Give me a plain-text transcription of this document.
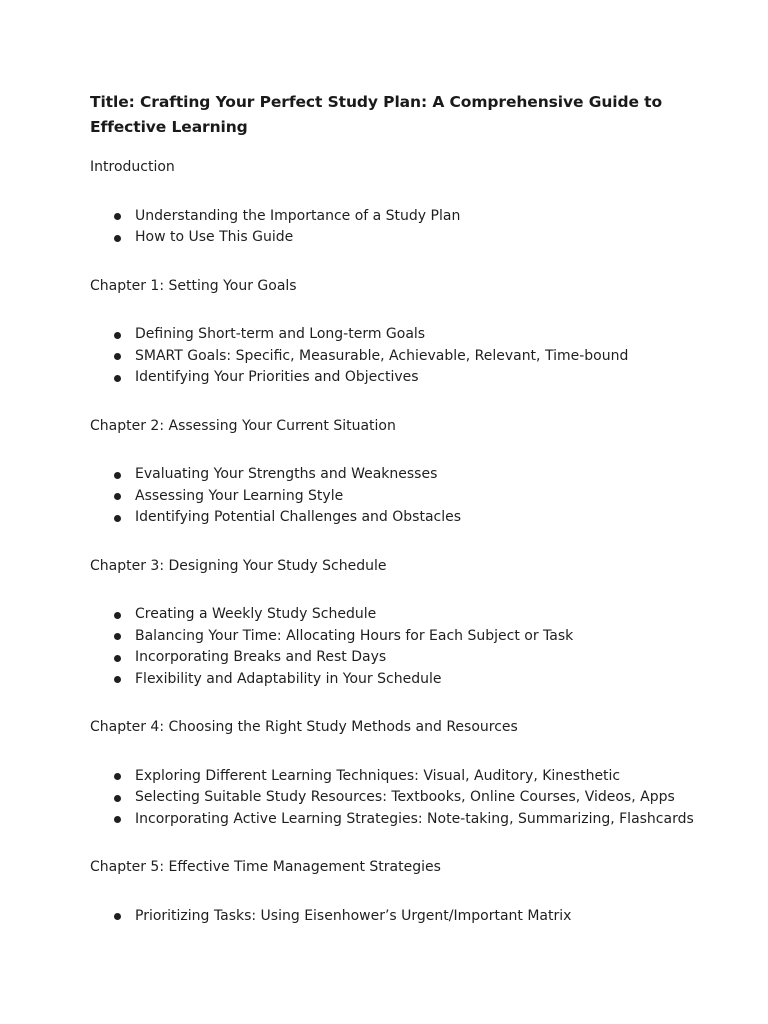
Title: Crafting Your Perfect Study Plan: A Comprehensive Guide to Effective Learning

Introduction

Understanding the Importance of a Study Plan
How to Use This Guide

Chapter 1: Setting Your Goals

Defining Short-term and Long-term Goals
SMART Goals: Specific, Measurable, Achievable, Relevant, Time-bound
Identifying Your Priorities and Objectives

Chapter 2: Assessing Your Current Situation

Evaluating Your Strengths and Weaknesses
Assessing Your Learning Style
Identifying Potential Challenges and Obstacles

Chapter 3: Designing Your Study Schedule

Creating a Weekly Study Schedule
Balancing Your Time: Allocating Hours for Each Subject or Task
Incorporating Breaks and Rest Days
Flexibility and Adaptability in Your Schedule

Chapter 4: Choosing the Right Study Methods and Resources

Exploring Different Learning Techniques: Visual, Auditory, Kinesthetic
Selecting Suitable Study Resources: Textbooks, Online Courses, Videos, Apps
Incorporating Active Learning Strategies: Note-taking, Summarizing, Flashcards

Chapter 5: Effective Time Management Strategies

Prioritizing Tasks: Using Eisenhower’s Urgent/Important Matrix
